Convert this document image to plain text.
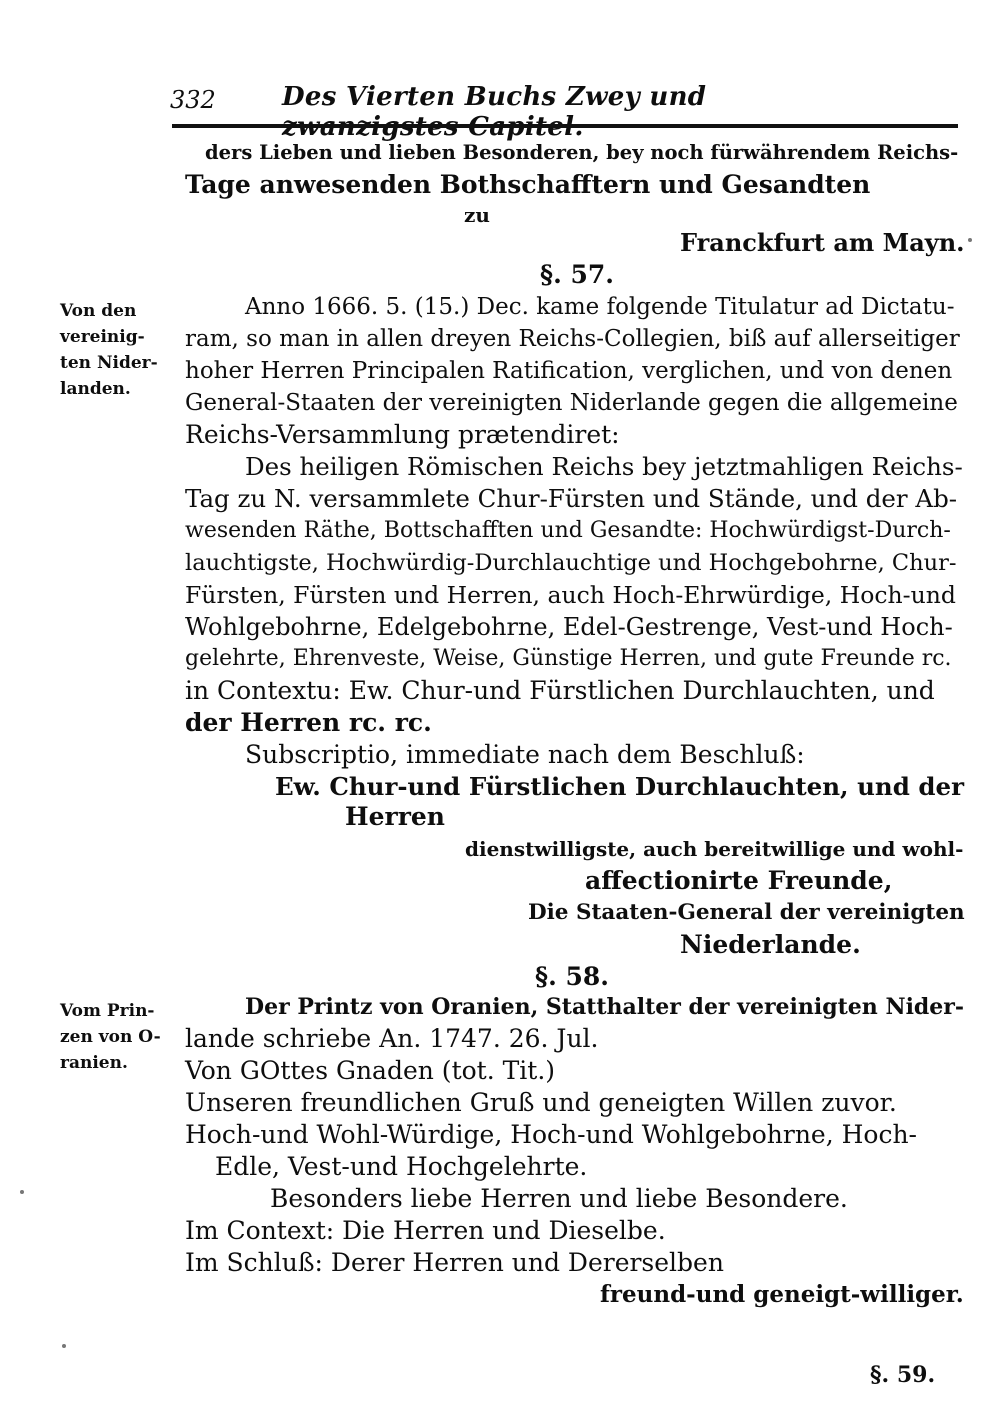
332	Des Vierten Buchs Zwey und
ders Lieben und lieben Besonderen, bey noch fürwährendem Reichs-
Tage anwesenden Bothschafftern und Gesandten
zu
Franckfurt am Mayn.
§. 57.
Von den
vereinig-
ten Nider-
landen.
Anno 1666. 5. (15.) Dec. kame folgende Titulatur ad Dictatu-
ram, so man in allen dreyen Reichs-Collegien, biß auf allerseitiger
hoher Herren Principalen Ratification, verglichen, und von denen
General-Staaten der vereinigten Niderlande gegen die allgemeine
Reichs-Versammlung prætendiret:
Des heiligen Römischen Reichs bey jetztmahligen Reichs-
Tag zu N. versammlete Chur-Fürsten und Stände, und der Ab-
wesenden Räthe, Bottschafften und Gesandte: Hochwürdigst-Durch-
lauchtigste, Hochwürdig-Durchlauchtige und Hochgebohrne, Chur-
Fürsten, Fürsten und Herren, auch Hoch-Ehrwürdige, Hoch-und
Wohlgebohrne, Edelgebohrne, Edel-Gestrenge, Vest-und Hoch-
gelehrte, Ehrenveste, Weise, Günstige Herren, und gute Freunde rc.
in Contextu: Ew. Chur-und Fürstlichen Durchlauchten, und
der Herren rc. rc.
Subscriptio, immediate nach dem Beschluß:
Ew. Chur-und Fürstlichen Durchlauchten, und der
Herren
dienstwilligste, auch bereitwillige und wohl-
affectionirte Freunde,
Die Staaten-General der vereinigten
Niederlande.
§. 58.
Vom Prin-
zen von O-
ranien.
Der Printz von Oranien, Statthalter der vereinigten Nider-
lande schriebe An. 1747. 26. Jul.
Von GOttes Gnaden (tot. Tit.)
Unseren freundlichen Gruß und geneigten Willen zuvor.
Hoch-und Wohl-Würdige, Hoch-und Wohlgebohrne, Hoch-
Edle, Vest-und Hochgelehrte.
Besonders liebe Herren und liebe Besondere.
Im Context: Die Herren und Dieselbe.
Im Schluß: Derer Herren und Dererselben
freund-und geneigt-williger.
§. 59.
